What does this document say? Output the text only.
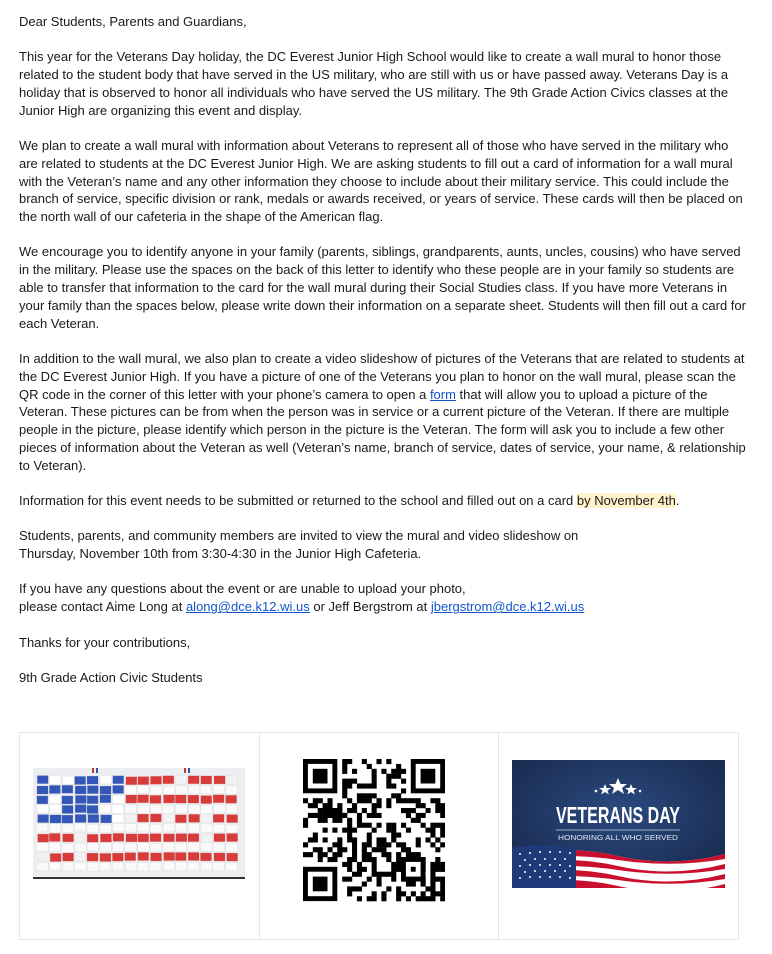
Dear Students, Parents and Guardians,

This year for the Veterans Day holiday, the DC Everest Junior High School would like to create a wall mural to honor those related to the student body that have served in the US military, who are still with us or have passed away. Veterans Day is a holiday that is observed to honor all individuals who have served the US military. The 9th Grade Action Civics classes at the Junior High are organizing this event and display.

We plan to create a wall mural with information about Veterans to represent all of those who have served in the military who are related to students at the DC Everest Junior High. We are asking students to fill out a card of information for a wall mural with the Veteran’s name and any other information they choose to include about their military service. This could include the branch of service, specific division or rank, medals or awards received, or years of service. These cards will then be placed on the north wall of our cafeteria in the shape of the American flag.

We encourage you to identify anyone in your family (parents, siblings, grandparents, aunts, uncles, cousins) who have served in the military. Please use the spaces on the back of this letter to identify who these people are in your family so students are able to transfer that information to the card for the wall mural during their Social Studies class. If you have more Veterans in your family than the spaces below, please write down their information on a separate sheet. Students will then fill out a card for each Veteran.

In addition to the wall mural, we also plan to create a video slideshow of pictures of the Veterans that are related to students at the DC Everest Junior High. If you have a picture of one of the Veterans you plan to honor on the wall mural, please scan the QR code in the corner of this letter with your phone’s camera to open a form that will allow you to upload a picture of the Veteran. These pictures can be from when the person was in service or a current picture of the Veteran. If there are multiple people in the picture, please identify which person in the picture is the Veteran. The form will ask you to include a few other pieces of information about the Veteran as well (Veteran’s name, branch of service, dates of service, your name, & relationship to Veteran).

Information for this event needs to be submitted or returned to the school and filled out on a card by November 4th.

Students, parents, and community members are invited to view the mural and video slideshow on
Thursday, November 10th from 3:30-4:30 in the Junior High Cafeteria.

If you have any questions about the event or are unable to upload your photo,
please contact Aime Long at along@dce.k12.wi.us or Jeff Bergstrom at jbergstrom@dce.k12.wi.us

Thanks for your contributions,

9th Grade Action Civic Students

VETERANS DAY
HONORING ALL WHO SERVED
